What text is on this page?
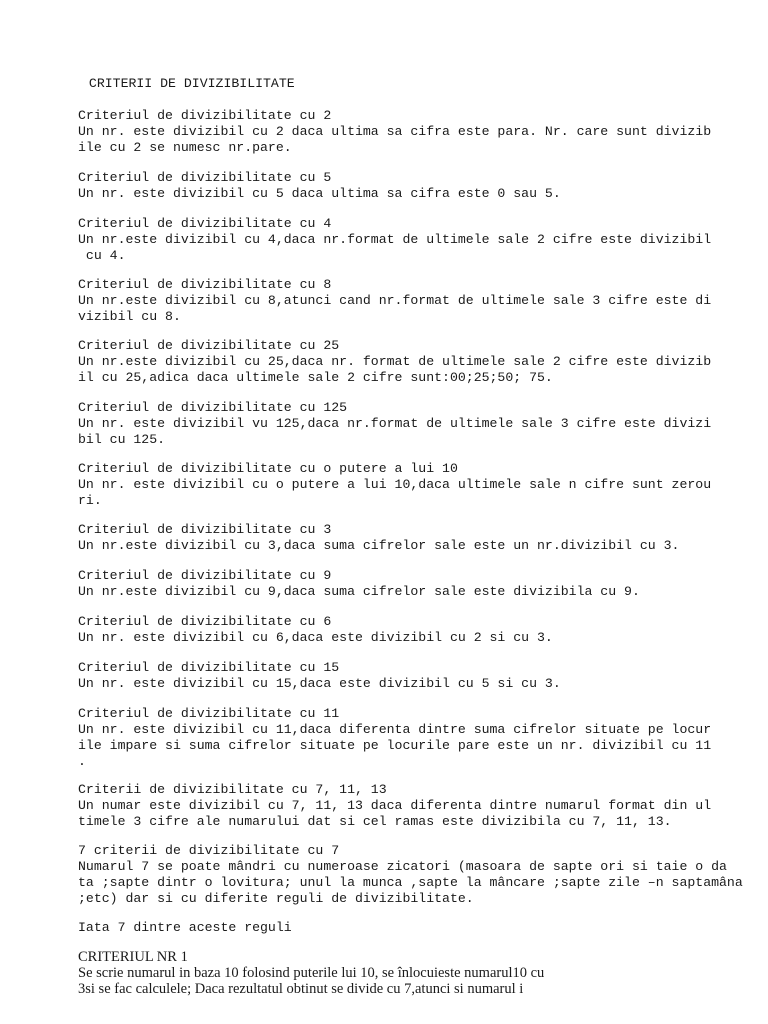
CRITERII DE DIVIZIBILITATE

Criteriul de divizibilitate cu 2

Un nr. este divizibil cu 2 daca ultima sa cifra este para. Nr. care sunt divizib

ile cu 2 se numesc nr.pare.

Criteriul de divizibilitate cu 5

Un nr. este divizibil cu 5 daca ultima sa cifra este 0 sau 5.

Criteriul de divizibilitate cu 4

Un nr.este divizibil cu 4,daca nr.format de ultimele sale 2 cifre este divizibil

cu 4.

Criteriul de divizibilitate cu 8

Un nr.este divizibil cu 8,atunci cand nr.format de ultimele sale 3 cifre este di

vizibil cu 8.

Criteriul de divizibilitate cu 25

Un nr.este divizibil cu 25,daca nr. format de ultimele sale 2 cifre este divizib

il cu 25,adica daca ultimele sale 2 cifre sunt:00;25;50; 75.

Criteriul de divizibilitate cu 125

Un nr. este divizibil vu 125,daca nr.format de ultimele sale 3 cifre este divizi

bil cu 125.

Criteriul de divizibilitate cu o putere a lui 10

Un nr. este divizibil cu o putere a lui 10,daca ultimele sale n cifre sunt zerou

ri.

Criteriul de divizibilitate cu 3

Un nr.este divizibil cu 3,daca suma cifrelor sale este un nr.divizibil cu 3.

Criteriul de divizibilitate cu 9

Un nr.este divizibil cu 9,daca suma cifrelor sale este divizibila cu 9.

Criteriul de divizibilitate cu 6

Un nr. este divizibil cu 6,daca este divizibil cu 2 si cu 3.

Criteriul de divizibilitate cu 15

Un nr. este divizibil cu 15,daca este divizibil cu 5 si cu 3.

Criteriul de divizibilitate cu 11

Un nr. este divizibil cu 11,daca diferenta dintre suma cifrelor situate pe locur

ile impare si suma cifrelor situate pe locurile pare este un nr. divizibil cu 11

.

Criterii de divizibilitate cu 7, 11, 13

Un numar este divizibil cu 7, 11, 13 daca diferenta dintre numarul format din ul

timele 3 cifre ale numarului dat si cel ramas este divizibila cu 7, 11, 13.

7 criterii de divizibilitate cu 7

Numarul 7 se poate mândri cu numeroase zicatori (masoara de sapte ori si taie o da

ta ;sapte dintr o lovitura; unul la munca ,sapte la mâncare ;sapte zile –n saptamâna

;etc) dar si cu diferite reguli de divizibilitate.

Iata 7 dintre aceste reguli

CRITERIUL NR 1

Se scrie numarul in baza 10 folosind puterile lui 10, se înlocuieste numarul10 cu

3si se fac calculele; Daca rezultatul obtinut se divide cu 7,atunci si numarul i
